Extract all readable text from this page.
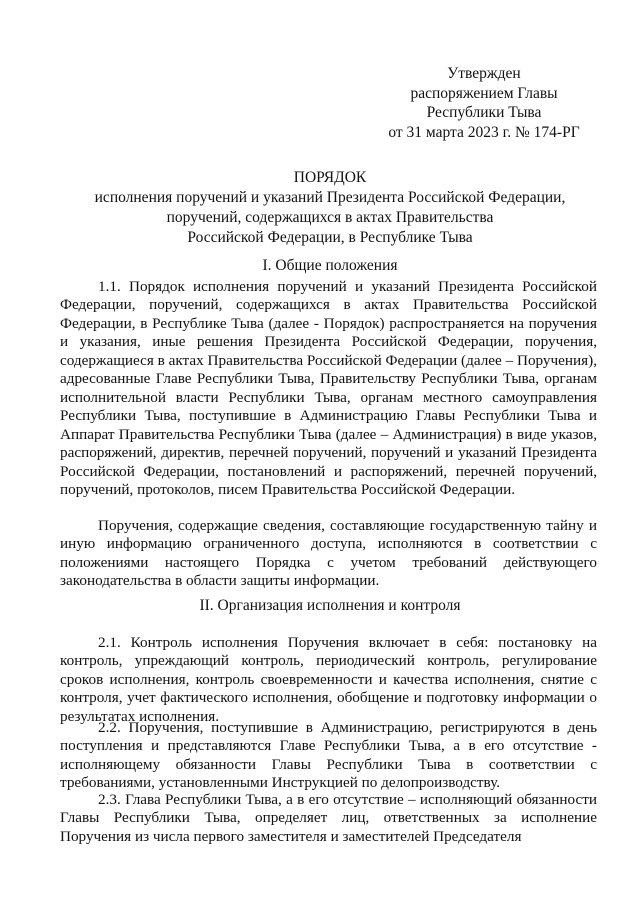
Утвержден
распоряжением Главы
Республики Тыва
от 31 марта 2023 г. № 174-РГ
ПОРЯДОК
исполнения поручений и указаний Президента Российской Федерации,
поручений, содержащихся в актах Правительства
Российской Федерации, в Республике Тыва
I. Общие положения

1.1. Порядок исполнения поручений и указаний Президента Российской Федерации, поручений, содержащихся в актах Правительства Российской Федерации, в Республике Тыва (далее - Порядок) распространяется на поручения и указания, иные решения Президента Российской Федерации, поручения, содержащиеся в актах Правительства Российской Федерации (далее – Поручения), адресованные Главе Республики Тыва, Правительству Республики Тыва, органам исполнительной власти Республики Тыва, органам местного самоуправления Республики Тыва, поступившие в Администрацию Главы Республики Тыва и Аппарат Правительства Республики Тыва (далее – Администрация) в виде указов, распоряжений, директив, перечней поручений, поручений и указаний Президента Российской Федерации, постановлений и распоряжений, перечней поручений, поручений, протоколов, писем Правительства Российской Федерации.

Поручения, содержащие сведения, составляющие государственную тайну и иную информацию ограниченного доступа, исполняются в соответствии с положениями настоящего Порядка с учетом требований действующего законодательства в области защиты информации.

II. Организация исполнения и контроля

2.1. Контроль исполнения Поручения включает в себя: постановку на контроль, упреждающий контроль, периодический контроль, регулирование сроков исполнения, контроль своевременности и качества исполнения, снятие с контроля, учет фактического исполнения, обобщение и подготовку информации о результатах исполнения.

2.2. Поручения, поступившие в Администрацию, регистрируются в день поступления и представляются Главе Республики Тыва, а в его отсутствие - исполняющему обязанности Главы Республики Тыва в соответствии с требованиями, установленными Инструкцией по делопроизводству.

2.3. Глава Республики Тыва, а в его отсутствие – исполняющий обязанности Главы Республики Тыва, определяет лиц, ответственных за исполнение Поручения из числа первого заместителя и заместителей Председателя
